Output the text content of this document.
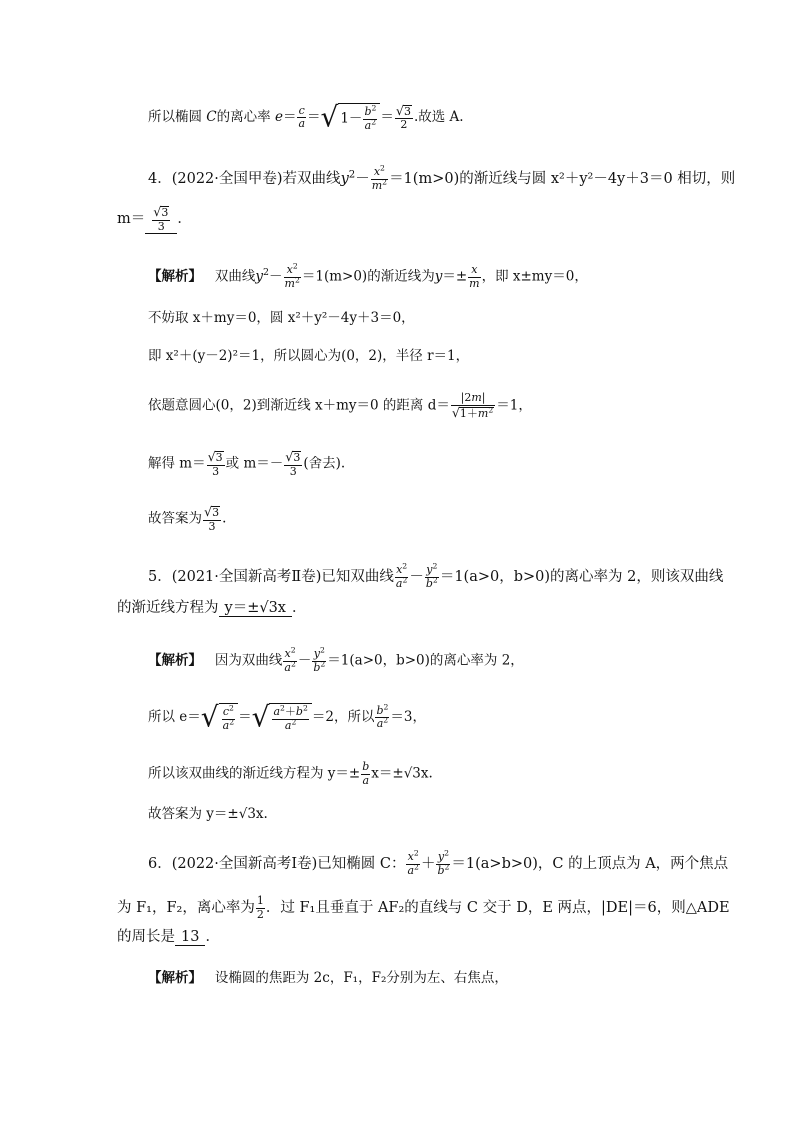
所以椭圆 C的离心率 $e= \frac{c}{a}$ ＝√ $1- \frac{b^2}{a^2} = \frac{√3}{2}$ .故选 A.
4．(2022·全国甲卷)若双曲线$y^2- \frac{x^2}{m^2} =1(m>0)$的渐近线与圆 x²＋y²－4y＋3＝0 相切，则
$m= \frac{√3}{3}$ ．
【解析】 双曲线$y^2- \frac{x^2}{m^2} =1(m>0)$的渐近线为$y=\pm \frac{x}{m}$ ，即 x±my＝0，
不妨取 x＋my＝0，圆 x²＋y²－4y＋3＝0，
即 x²＋(y－2)²＝1，所以圆心为(0，2)，半径 r＝1，
依题意圆心(0，2)到渐近线 x＋my＝0 的距离 $d= \frac{|2m|}{√1+m^2} =1$，
解得 $m= \frac{√3}{3}$ 或 $m=- \frac{√3}{3}$ (舍去).
故答案为 $\frac{√3}{3}$ .
5．(2021·全国新高考Ⅱ卷)已知双曲线 $\frac{x^2}{a^2} - \frac{y^2}{b^2} =1(a>0$，b>0)的离心率为 2，则该双曲线
的渐近线方程为 y＝±√3x ．
【解析】 因为双曲线 $\frac{x^2}{a^2} - \frac{y^2}{b^2} =1(a>0$，b>0)的离心率为 2，
所以 $e=√ \frac{c^2}{a^2}$ ＝√ $\frac{a^2+b^2}{a^2} =2$，所以 $\frac{b^2}{a^2} =3$，
所以该双曲线的渐近线方程为 $y=\pm \frac{b}{a} x=\pm√3x$.
故答案为 y＝±√3x.
6．(2022·全国新高考Ⅰ卷)已知椭圆 C： $\frac{x^2}{a^2} + \frac{y^2}{b^2} =1(a>b>0)$，C 的上顶点为 A，两个焦点
为 F₁，F₂，离心率为 $\frac{1}{2}$ ．过 F₁且垂直于 AF₂的直线与 C 交于 D，E 两点，|DE|＝6，则△ADE
的周长是 13 ．
【解析】 设椭圆的焦距为 2c，F₁，F₂分别为左、右焦点，
